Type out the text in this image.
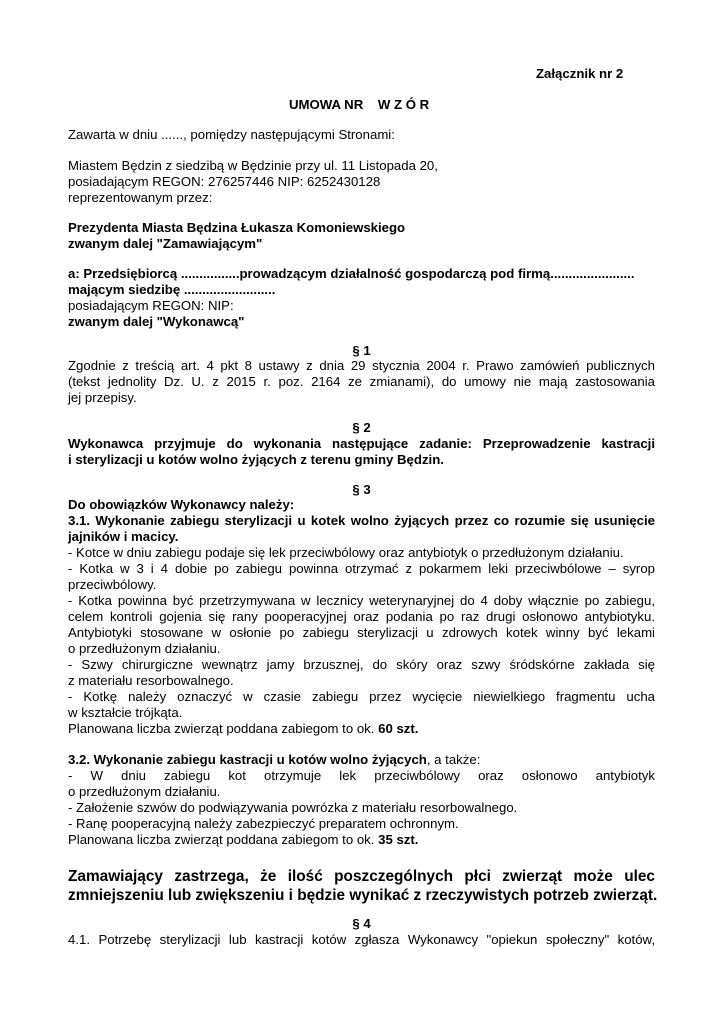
Załącznik nr 2
UMOWA NR W Z Ó R
Zawarta w dniu ......, pomiędzy następującymi Stronami:
Miastem Będzin z siedzibą w Będzinie przy ul. 11 Listopada 20,
posiadającym REGON: 276257446 NIP: 6252430128
reprezentowanym przez:
Prezydenta Miasta Będzina Łukasza Komoniewskiego
zwanym dalej "Zamawiającym"
a: Przedsiębiorcą ................prowadzącym działalność gospodarczą pod firmą.......................
mającym siedzibę .........................
posiadającym REGON: NIP:
zwanym dalej "Wykonawcą"
§ 1
Zgodnie z treścią art. 4 pkt 8 ustawy z dnia 29 stycznia 2004 r. Prawo zamówień publicznych
(tekst jednolity Dz. U. z 2015 r. poz. 2164 ze zmianami), do umowy nie mają zastosowania
jej przepisy.
§ 2
Wykonawca przyjmuje do wykonania następujące zadanie: Przeprowadzenie kastracji
i sterylizacji u kotów wolno żyjących z terenu gminy Będzin.
§ 3
Do obowiązków Wykonawcy należy:
3.1. Wykonanie zabiegu sterylizacji u kotek wolno żyjących przez co rozumie się usunięcie
jajników i macicy.
- Kotce w dniu zabiegu podaje się lek przeciwbólowy oraz antybiotyk o przedłużonym działaniu.
- Kotka w 3 i 4 dobie po zabiegu powinna otrzymać z pokarmem leki przeciwbólowe – syrop
przeciwbólowy.
- Kotka powinna być przetrzymywana w lecznicy weterynaryjnej do 4 doby włącznie po zabiegu,
celem kontroli gojenia się rany pooperacyjnej oraz podania po raz drugi osłonowo antybiotyku.
Antybiotyki stosowane w osłonie po zabiegu sterylizacji u zdrowych kotek winny być lekami
o przedłużonym działaniu.
- Szwy chirurgiczne wewnątrz jamy brzusznej, do skóry oraz szwy śródskórne zakłada się
z materiału resorbowalnego.
- Kotkę należy oznaczyć w czasie zabiegu przez wycięcie niewielkiego fragmentu ucha
w kształcie trójkąta.
Planowana liczba zwierząt poddana zabiegom to ok. 60 szt.
3.2. Wykonanie zabiegu kastracji u kotów wolno żyjących, a także:
- W dniu zabiegu kot otrzymuje lek przeciwbólowy oraz osłonowo antybiotyk
o przedłużonym działaniu.
- Założenie szwów do podwiązywania powrózka z materiału resorbowalnego.
- Ranę pooperacyjną należy zabezpieczyć preparatem ochronnym.
Planowana liczba zwierząt poddana zabiegom to ok. 35 szt.
Zamawiający zastrzega, że ilość poszczególnych płci zwierząt może ulec
zmniejszeniu lub zwiększeniu i będzie wynikać z rzeczywistych potrzeb zwierząt.
§ 4
4.1. Potrzebę sterylizacji lub kastracji kotów zgłasza Wykonawcy "opiekun społeczny" kotów,
